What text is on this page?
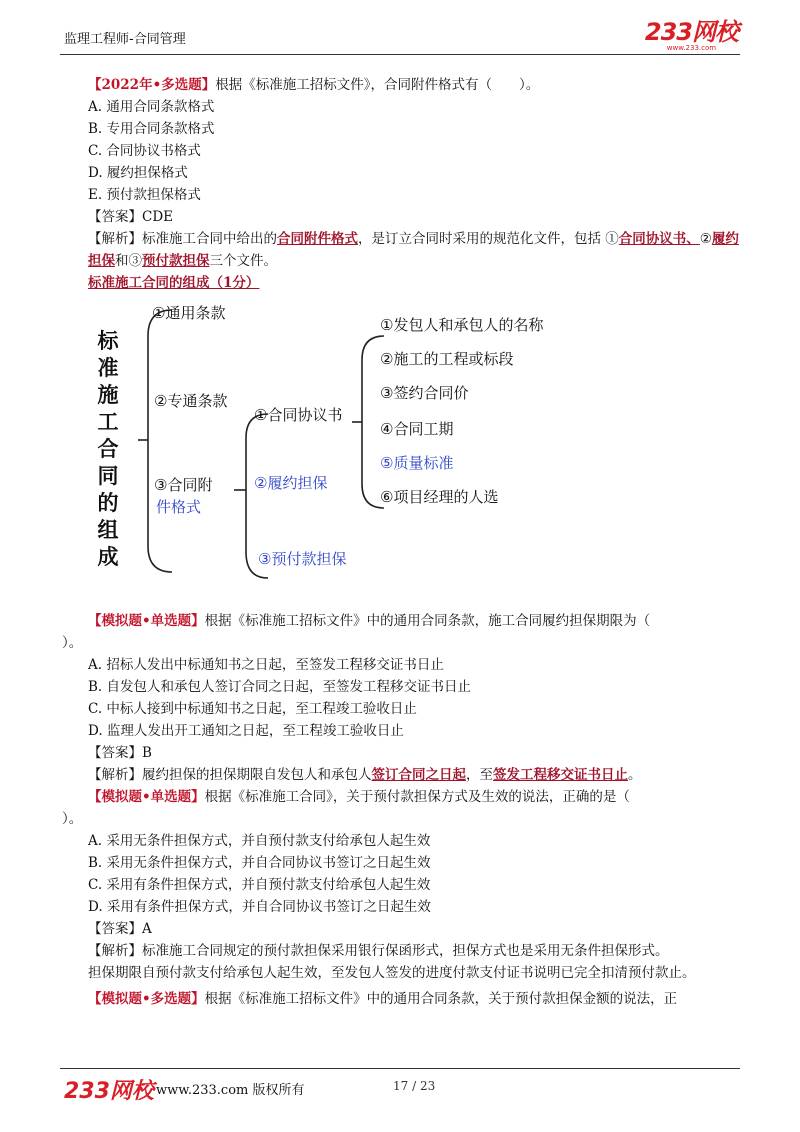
监理工程师-合同管理	233网校
www.233.com

【2022年•多选题】根据《标准施工招标文件》，合同附件格式有（　　）。

A. 通用合同条款格式

B. 专用合同条款格式

C. 合同协议书格式

D. 履约担保格式

E. 预付款担保格式

【答案】CDE

【解析】标准施工合同中给出的合同附件格式，是订立合同时采用的规范化文件，包括 ①合同协议书、②履约担保和③预付款担保三个文件。

标准施工合同的组成（1分）

标准施工合同的组成
①通用条款
②专通条款
③合同附
件格式
①合同协议书
②履约担保
③预付款担保
①发包人和承包人的名称
②施工的工程或标段
③签约合同价
④合同工期
⑤质量标准
⑥项目经理的人选

【模拟题•单选题】根据《标准施工招标文件》中的通用合同条款，施工合同履约担保期限为（

）。

A. 招标人发出中标通知书之日起，至签发工程移交证书日止

B. 自发包人和承包人签订合同之日起，至签发工程移交证书日止

C. 中标人接到中标通知书之日起，至工程竣工验收日止

D. 监理人发出开工通知之日起，至工程竣工验收日止

【答案】B

【解析】履约担保的担保期限自发包人和承包人签订合同之日起，至签发工程移交证书日止。

【模拟题•单选题】根据《标准施工合同》，关于预付款担保方式及生效的说法，正确的是（

）。

A. 采用无条件担保方式，并自预付款支付给承包人起生效

B. 采用无条件担保方式，并自合同协议书签订之日起生效

C. 采用有条件担保方式，并自预付款支付给承包人起生效

D. 采用有条件担保方式，并自合同协议书签订之日起生效

【答案】A

【解析】标准施工合同规定的预付款担保采用银行保函形式，担保方式也是采用无条件担保形式。

担保期限自预付款支付给承包人起生效，至发包人签发的进度付款支付证书说明已完全扣清预付款止。

【模拟题•多选题】根据《标准施工招标文件》中的通用合同条款，关于预付款担保金额的说法，正

233网校 www.233.com 版权所有	17 / 23
